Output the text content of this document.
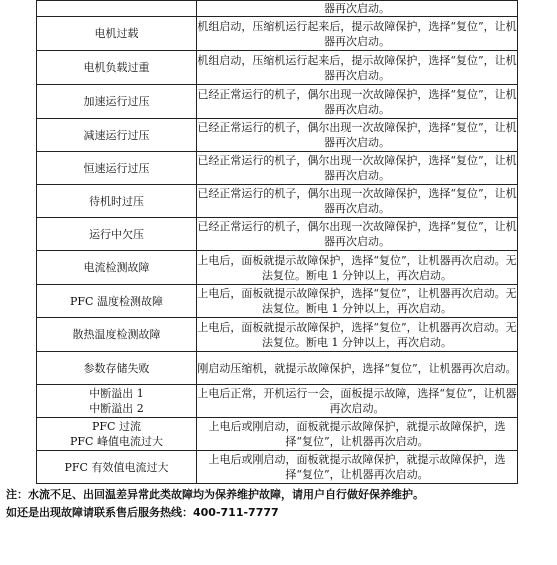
	器再次启动。

电机过载	机组启动，压缩机运行起来后，提示故障保护，选择“复位”，让机器再次启动。

电机负载过重	机组启动，压缩机运行起来后，提示故障保护，选择“复位”，让机器再次启动。

加速运行过压	已经正常运行的机子，偶尔出现一次故障保护，选择“复位”，让机器再次启动。

减速运行过压	已经正常运行的机子，偶尔出现一次故障保护，选择“复位”，让机器再次启动。

恒速运行过压	已经正常运行的机子，偶尔出现一次故障保护，选择“复位”，让机器再次启动。

待机时过压	已经正常运行的机子，偶尔出现一次故障保护，选择“复位”，让机器再次启动。

运行中欠压	已经正常运行的机子，偶尔出现一次故障保护，选择“复位”，让机器再次启动。

电流检测故障	上电后，面板就提示故障保护，选择“复位”，让机器再次启动。无法复位。断电 1 分钟以上，再次启动。

PFC 温度检测故障	上电后，面板就提示故障保护，选择“复位”，让机器再次启动。无法复位。断电 1 分钟以上，再次启动。

散热温度检测故障	上电后，面板就提示故障保护，选择“复位”，让机器再次启动。无法复位。断电 1 分钟以上，再次启动。

参数存储失败	刚启动压缩机，就提示故障保护，选择“复位”，让机器再次启动。

中断溢出 1
中断溢出 2	上电后正常，开机运行一会，面板提示故障，选择“复位”，让机器再次启动。

PFC 过流
PFC 峰值电流过大	上电后或刚启动，面板就提示故障保护，就提示故障保护，选择“复位”，让机器再次启动。

PFC 有效值电流过大	上电后或刚启动，面板就提示故障保护，就提示故障保护，选择“复位”，让机器再次启动。
注：水流不足、出回温差异常此类故障均为保养维护故障，请用户自行做好保养维护。
如还是出现故障请联系售后服务热线：400-711-7777
